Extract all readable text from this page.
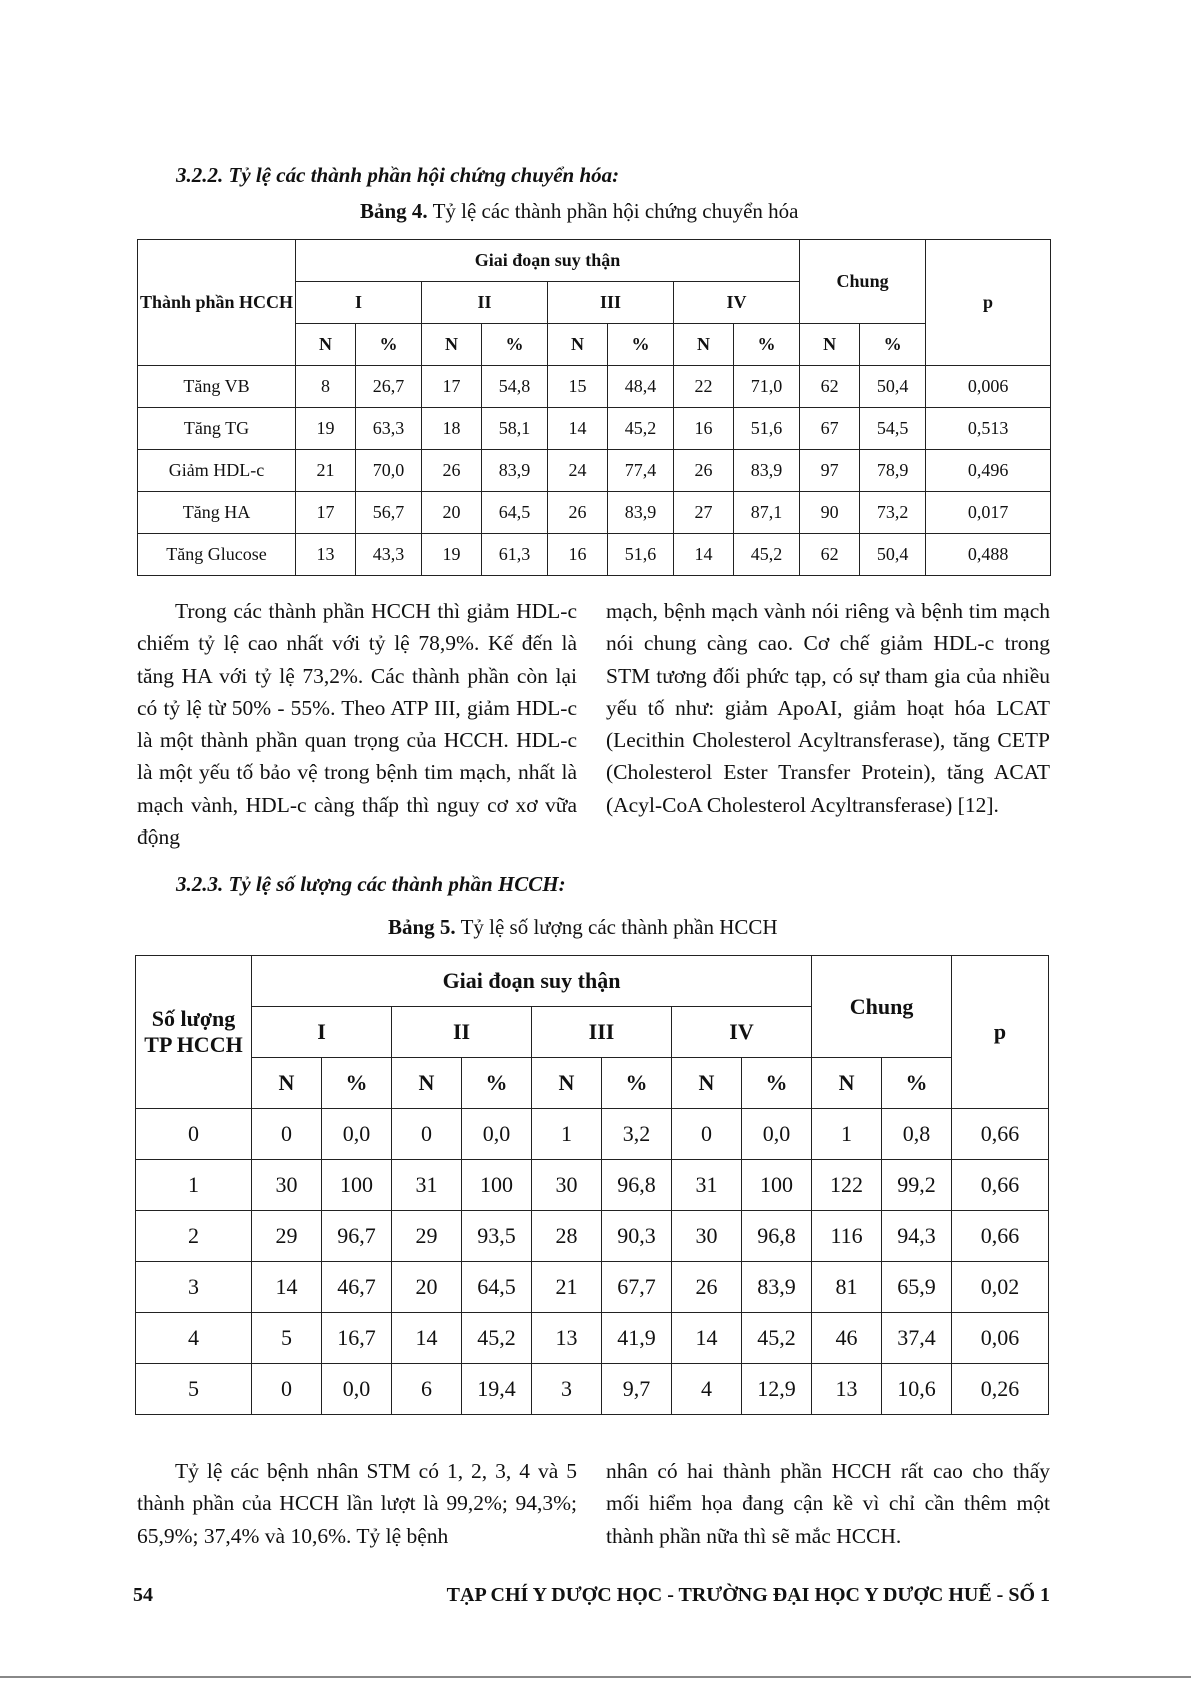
3.2.2. Tỷ lệ các thành phần hội chứng chuyển hóa:
Bảng 4. Tỷ lệ các thành phần hội chứng chuyển hóa
Thành phần HCCH	Giai đoạn suy thận								Chung		p
	I		II		III		IV				
	N	%	N	%	N	%	N	%	N	%	
Tăng VB	8	26,7	17	54,8	15	48,4	22	71,0	62	50,4	0,006
Tăng TG	19	63,3	18	58,1	14	45,2	16	51,6	67	54,5	0,513
Giảm HDL-c	21	70,0	26	83,9	24	77,4	26	83,9	97	78,9	0,496
Tăng HA	17	56,7	20	64,5	26	83,9	27	87,1	90	73,2	0,017
Tăng Glucose	13	43,3	19	61,3	16	51,6	14	45,2	62	50,4	0,488

Trong các thành phần HCCH thì giảm HDL-c chiếm tỷ lệ cao nhất với tỷ lệ 78,9%. Kế đến là tăng HA với tỷ lệ 73,2%. Các thành phần còn lại có tỷ lệ từ 50% - 55%. Theo ATP III, giảm HDL-c là một thành phần quan trọng của HCCH. HDL-c là một yếu tố bảo vệ trong bệnh tim mạch, nhất là mạch vành, HDL-c càng thấp thì nguy cơ xơ vữa động

mạch, bệnh mạch vành nói riêng và bệnh tim mạch nói chung càng cao. Cơ chế giảm HDL-c trong STM tương đối phức tạp, có sự tham gia của nhiều yếu tố như: giảm ApoAI, giảm hoạt hóa LCAT (Lecithin Cholesterol Acyltransferase), tăng CETP (Cholesterol Ester Transfer Protein), tăng ACAT (Acyl-CoA Cholesterol Acyltransferase) [12].

3.2.3. Tỷ lệ số lượng các thành phần HCCH:
Bảng 5. Tỷ lệ số lượng các thành phần HCCH
Số lượng TP HCCH	Giai đoạn suy thận								Chung		p
	I		II		III		IV				
	N	%	N	%	N	%	N	%	N	%	
0	0	0,0	0	0,0	1	3,2	0	0,0	1	0,8	0,66
1	30	100	31	100	30	96,8	31	100	122	99,2	0,66
2	29	96,7	29	93,5	28	90,3	30	96,8	116	94,3	0,66
3	14	46,7	20	64,5	21	67,7	26	83,9	81	65,9	0,02
4	5	16,7	14	45,2	13	41,9	14	45,2	46	37,4	0,06
5	0	0,0	6	19,4	3	9,7	4	12,9	13	10,6	0,26

Tỷ lệ các bệnh nhân STM có 1, 2, 3, 4 và 5 thành phần của HCCH lần lượt là 99,2%; 94,3%; 65,9%; 37,4% và 10,6%. Tỷ lệ bệnh

nhân có hai thành phần HCCH rất cao cho thấy mối hiểm họa đang cận kề vì chỉ cần thêm một thành phần nữa thì sẽ mắc HCCH.

54	TẠP CHÍ Y DƯỢC HỌC - TRƯỜNG ĐẠI HỌC Y DƯỢC HUẾ - SỐ 1
